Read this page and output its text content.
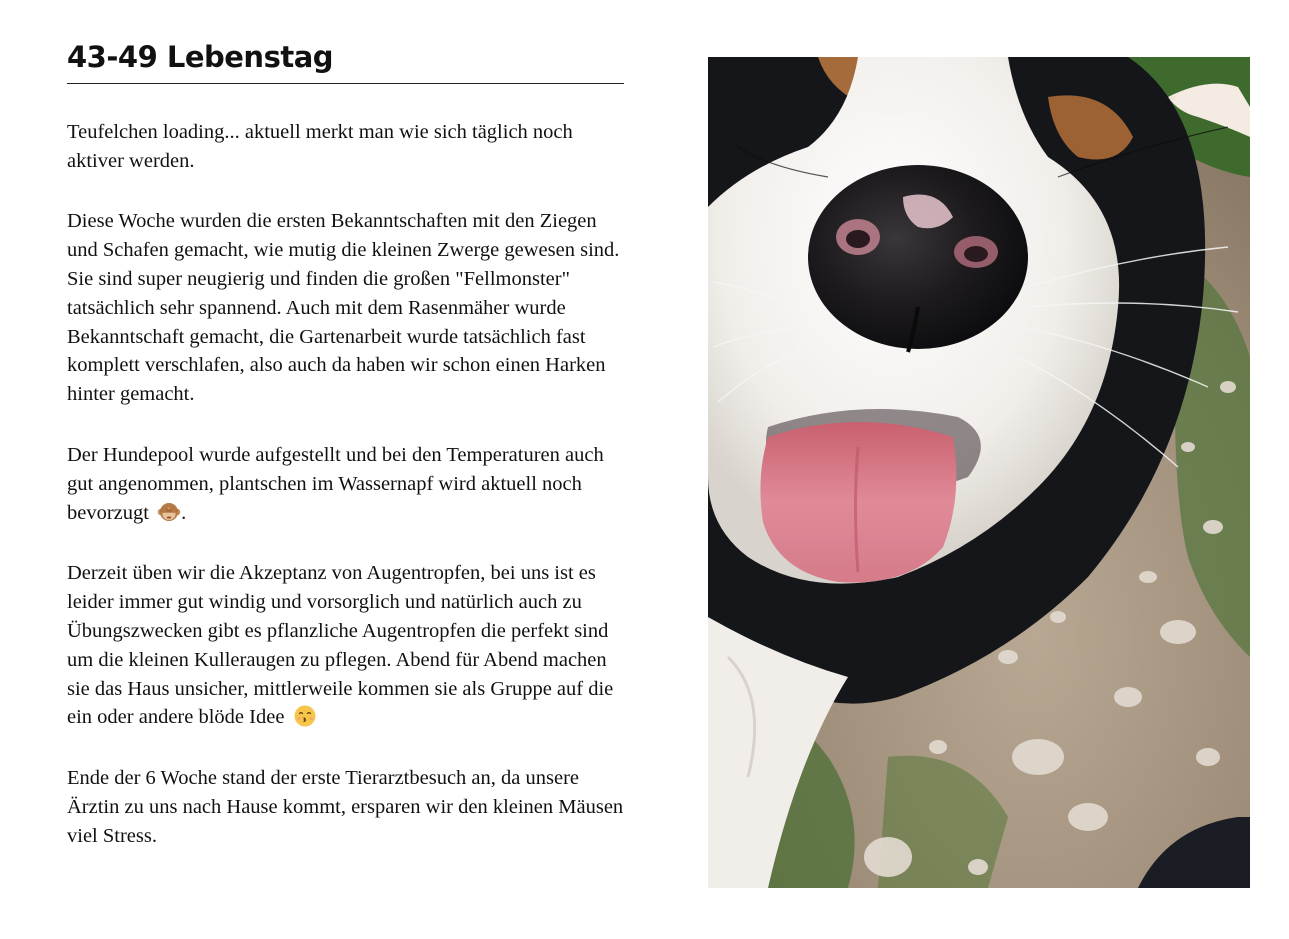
43-49 Lebenstag

Teufelchen loading... aktuell merkt man wie sich täglich noch aktiver werden.

Diese Woche wurden die ersten Bekanntschaften mit den Ziegen und Schafen gemacht, wie mutig die kleinen Zwerge gewesen sind. Sie sind super neugierig und finden die großen "Fellmonster" tatsächlich sehr spannend. Auch mit dem Rasenmäher wurde Bekanntschaft gemacht, die Gartenarbeit wurde tatsächlich fast komplett verschlafen, also auch da haben wir schon einen Harken hinter gemacht.

Der Hundepool wurde aufgestellt und bei den Temperaturen auch gut angenommen, plantschen im Wassernapf wird aktuell noch bevorzugt .

Derzeit üben wir die Akzeptanz von Augentropfen, bei uns ist es leider immer gut windig und vorsorglich und natürlich auch zu Übungszwecken gibt es pflanzliche Augentropfen die perfekt sind um die kleinen Kulleraugen zu pflegen. Abend für Abend machen sie das Haus unsicher, mittlerweile kommen sie als Gruppe auf die ein oder andere blöde Idee

Ende der 6 Woche stand der erste Tierarztbesuch an, da unsere Ärztin zu uns nach Hause kommt, ersparen wir den kleinen Mäusen viel Stress.
